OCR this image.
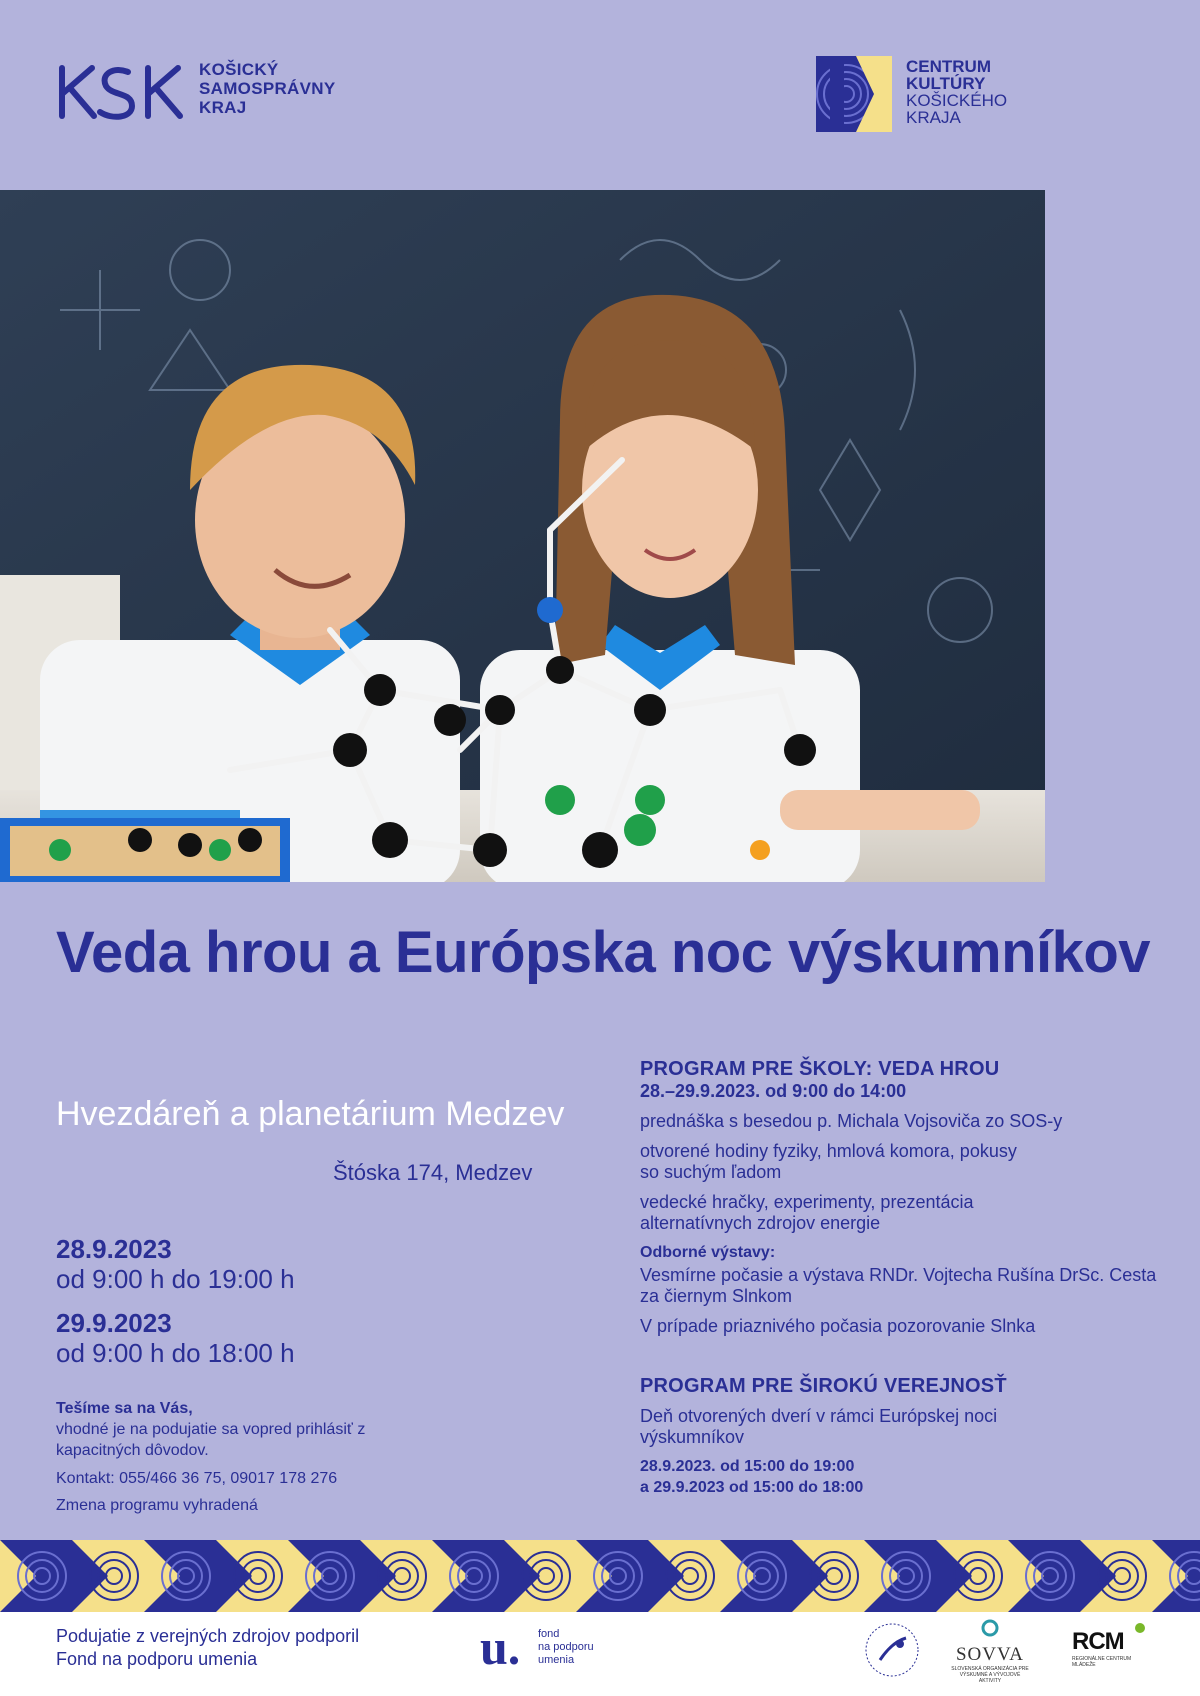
KOŠICKÝ
SAMOSPRÁVNY
KRAJ
CENTRUM
KULTÚRY
KOŠICKÉHO
KRAJA
Veda hrou a Európska noc výskumníkov
Hvezdáreň a planetárium Medzev
Štóska 174, Medzev
28.9.2023
od 9:00 h do 19:00 h
29.9.2023
od 9:00 h do 18:00 h
Tešíme sa na Vás,
vhodné je na podujatie sa vopred prihlásiť z kapacitných dôvodov.
Kontakt: 055/466 36 75, 09017 178 276
Zmena programu vyhradená
PROGRAM PRE ŠKOLY: VEDA HROU
28.–29.9.2023. od 9:00 do 14:00
prednáška s besedou p. Michala Vojsoviča zo SOS-y
otvorené hodiny fyziky, hmlová komora, pokusy so suchým ľadom
vedecké hračky, experimenty, prezentácia alternatívnych zdrojov energie
Odborné výstavy:
Vesmírne počasie a výstava RNDr. Vojtecha Rušína DrSc. Cesta za čiernym Slnkom
V prípade priaznivého počasia pozorovanie Slnka
PROGRAM PRE ŠIROKÚ VEREJNOSŤ
Deň otvorených dverí v rámci Európskej noci výskumníkov
28.9.2023. od 15:00 do 19:00
a 29.9.2023 od 15:00 do 18:00
Podujatie z verejných zdrojov podporil
Fond na podporu umenia	u. fond
na podporu
umenia	SOVVA
SLOVENSKÁ ORGANIZÁCIA PRE VÝSKUMNÉ A VÝVOJOVÉ AKTIVITY
RCM
REGIONÁLNE CENTRUM MLÁDEŽE
